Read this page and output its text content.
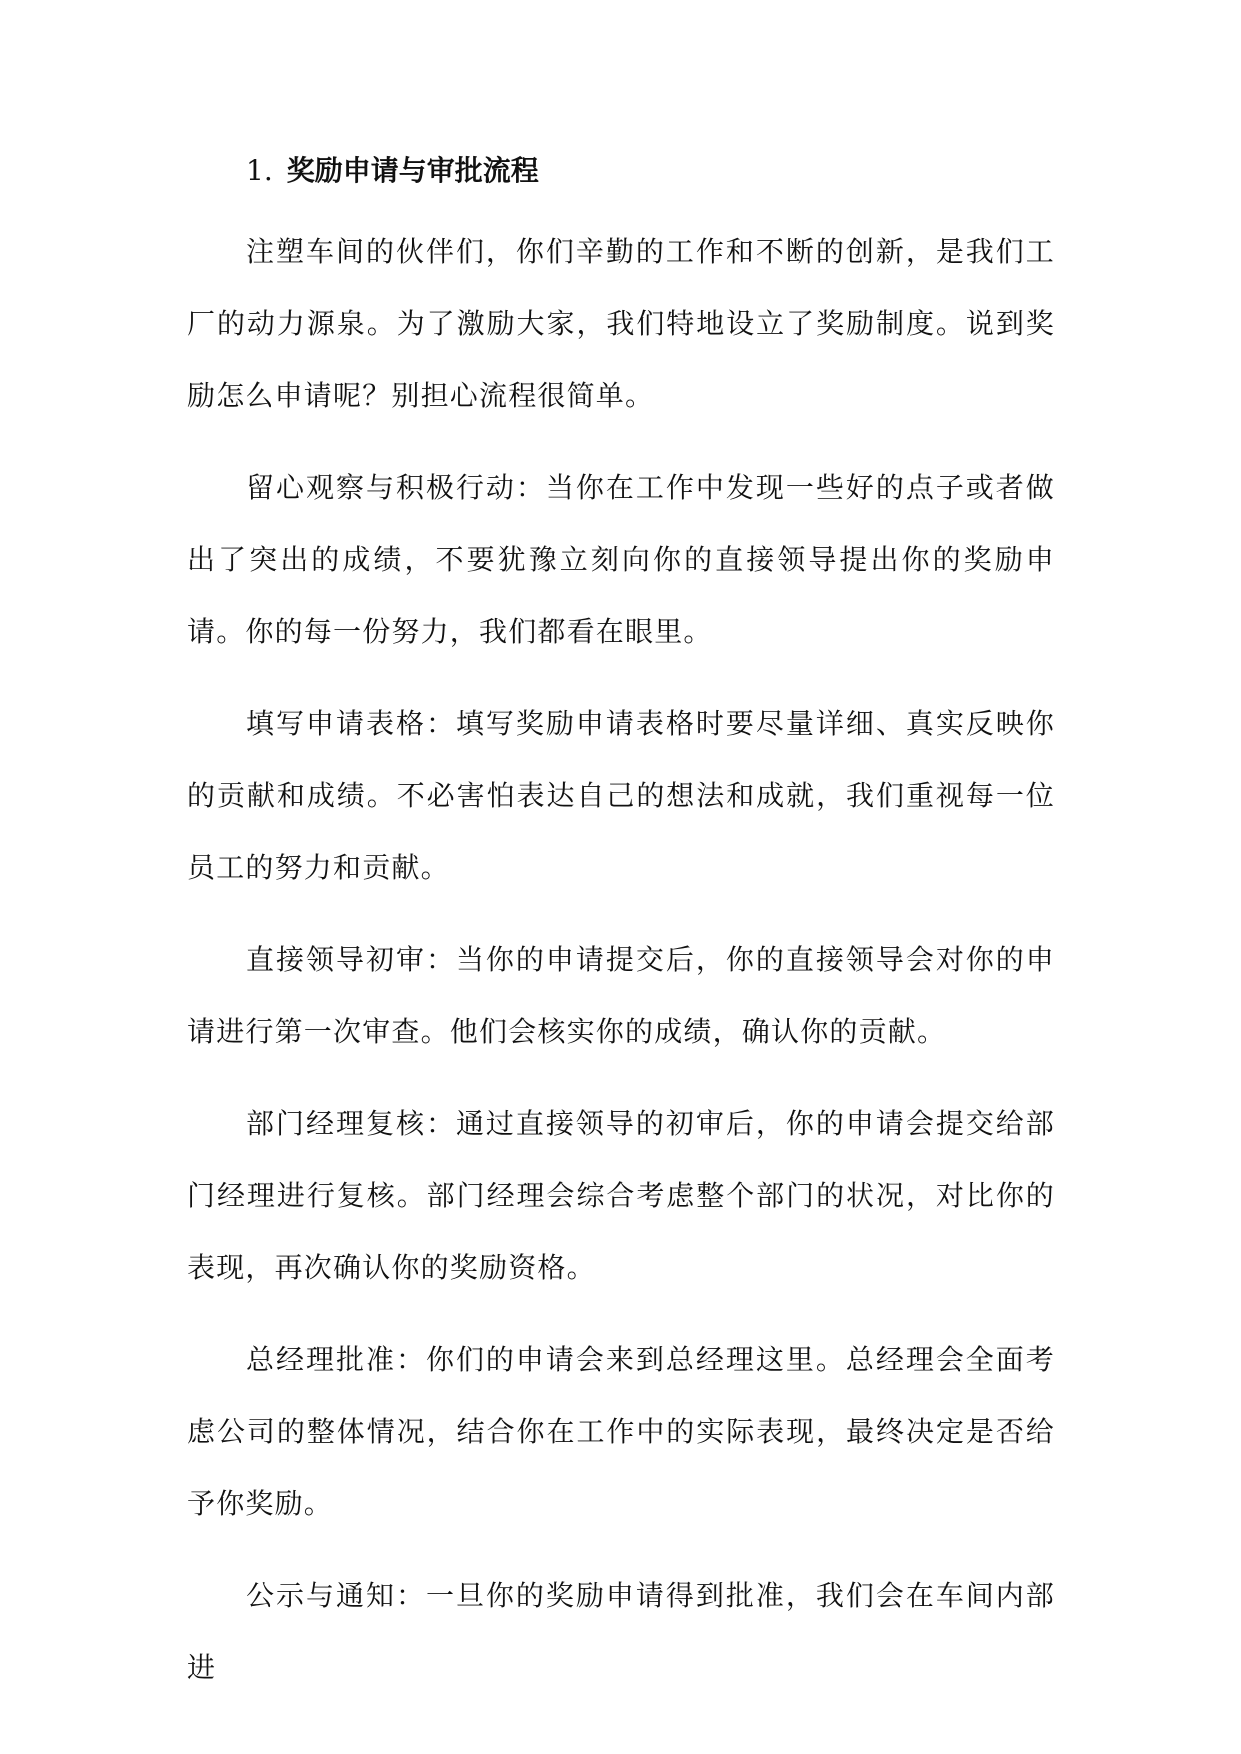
1. 奖励申请与审批流程

注塑车间的伙伴们，你们辛勤的工作和不断的创新，是我们工厂的动力源泉。为了激励大家，我们特地设立了奖励制度。说到奖励怎么申请呢？别担心流程很简单。

留心观察与积极行动：当你在工作中发现一些好的点子或者做出了突出的成绩，不要犹豫立刻向你的直接领导提出你的奖励申请。你的每一份努力，我们都看在眼里。

填写申请表格：填写奖励申请表格时要尽量详细、真实反映你的贡献和成绩。不必害怕表达自己的想法和成就，我们重视每一位员工的努力和贡献。

直接领导初审：当你的申请提交后，你的直接领导会对你的申请进行第一次审查。他们会核实你的成绩，确认你的贡献。

部门经理复核：通过直接领导的初审后，你的申请会提交给部门经理进行复核。部门经理会综合考虑整个部门的状况，对比你的表现，再次确认你的奖励资格。

总经理批准：你们的申请会来到总经理这里。总经理会全面考虑公司的整体情况，结合你在工作中的实际表现，最终决定是否给予你奖励。

公示与通知：一旦你的奖励申请得到批准，我们会在车间内部进
